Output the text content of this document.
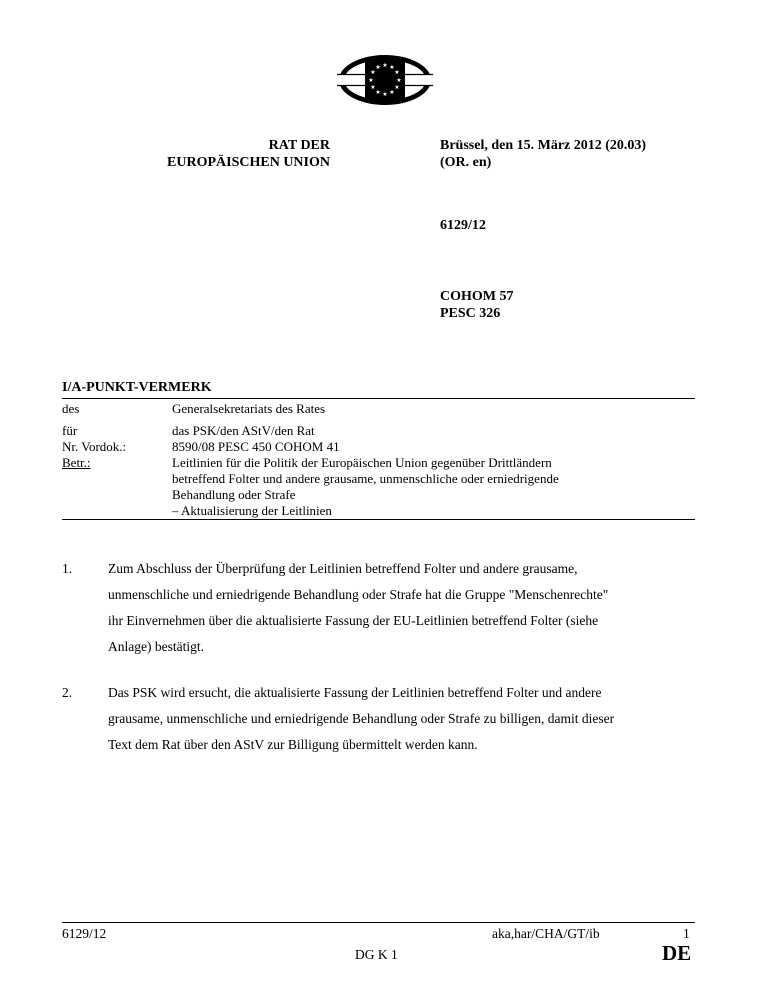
★ ★
★
★
★
★
★
★
★
★
★
★
RAT DER
EUROPÄISCHEN UNION
Brüssel, den 15. März 2012 (20.03)
(OR. en)
6129/12
COHOM 57
PESC 326
I/A-PUNKT-VERMERK
des	Generalsekretariats des Rates
für	das PSK/den AStV/den Rat
Nr. Vordok.:	8590/08 PESC 450 COHOM 41
Betr.:	Leitlinien für die Politik der Europäischen Union gegenüber Drittländern
betreffend Folter und andere grausame, unmenschliche oder erniedrigende
Behandlung oder Strafe
– Aktualisierung der Leitlinien
1.	Zum Abschluss der Überprüfung der Leitlinien betreffend Folter und andere grausame,
unmenschliche und erniedrigende Behandlung oder Strafe hat die Gruppe "Menschenrechte"
ihr Einvernehmen über die aktualisierte Fassung der EU-Leitlinien betreffend Folter (siehe
Anlage) bestätigt.
2.	Das PSK wird ersucht, die aktualisierte Fassung der Leitlinien betreffend Folter und andere
grausame, unmenschliche und erniedrigende Behandlung oder Strafe zu billigen, damit dieser
Text dem Rat über den AStV zur Billigung übermittelt werden kann.
6129/12
DG K 1
aka,har/CHA/GT/ib	1
DE
